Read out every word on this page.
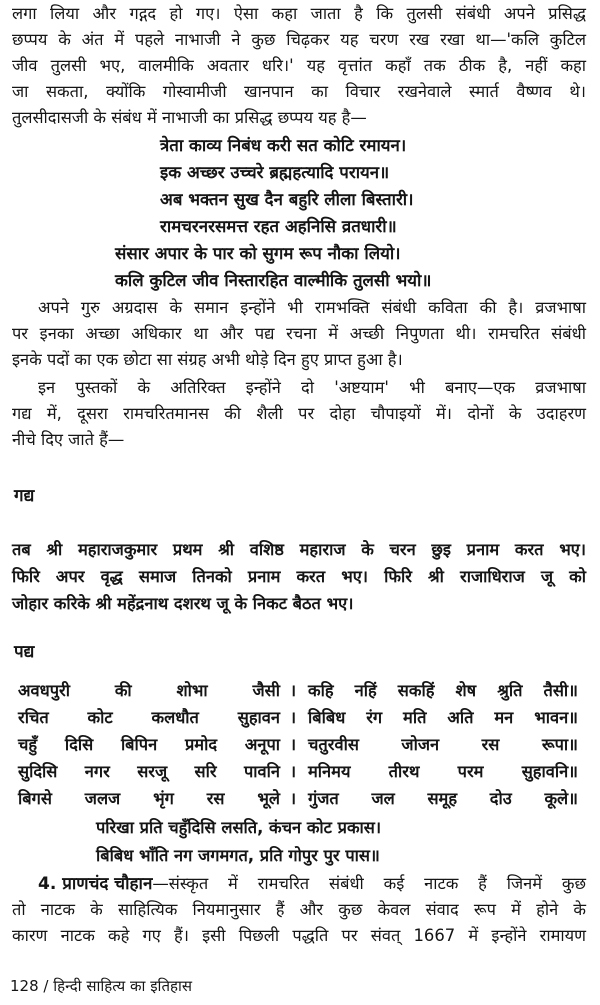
लगा लिया और गद्गद हो गए। ऐसा कहा जाता है कि तुलसी संबंधी अपने प्रसिद्ध
छप्पय के अंत में पहले नाभाजी ने कुछ चिढ़कर यह चरण रख रखा था—'कलि कुटिल
जीव तुलसी भए, वालमीकि अवतार धरि।' यह वृत्तांत कहाँ तक ठीक है, नहीं कहा
जा सकता, क्योंकि गोस्वामीजी खानपान का विचार रखनेवाले स्मार्त वैष्णव थे।
तुलसीदासजी के संबंध में नाभाजी का प्रसिद्ध छप्पय यह है—
त्रेता काव्य निबंध करी सत कोटि रमायन।
इक अच्छर उच्चरे ब्रह्महत्यादि परायन॥
अब भक्तन सुख दैन बहुरि लीला बिस्तारी।
रामचरनरसमत्त रहत अहनिसि व्रतधारी॥
संसार अपार के पार को सुगम रूप नौका लियो।
कलि कुटिल जीव निस्तारहित वाल्मीकि तुलसी भयो॥
अपने गुरु अग्रदास के समान इन्होंने भी रामभक्ति संबंधी कविता की है। व्रजभाषा
पर इनका अच्छा अधिकार था और पद्य रचना में अच्छी निपुणता थी। रामचरित संबंधी
इनके पदों का एक छोटा सा संग्रह अभी थोड़े दिन हुए प्राप्त हुआ है।
इन पुस्तकों के अतिरिक्त इन्होंने दो 'अष्टयाम' भी बनाए—एक व्रजभाषा
गद्य में, दूसरा रामचरितमानस की शैली पर दोहा चौपाइयों में। दोनों के उदाहरण
नीचे दिए जाते हैं—
गद्य
तब श्री महाराजकुमार प्रथम श्री वशिष्ठ महाराज के चरन छुइ प्रनाम करत भए।
फिरि अपर वृद्ध समाज तिनको प्रनाम करत भए। फिरि श्री राजाधिराज जू को
जोहार करिके श्री महेंद्रनाथ दशरथ जू के निकट बैठत भए।
पद्य
अवधपुरी की शोभा जैसी । कहि नहिं सकहिं शेष श्रुति तैसी॥
रचित कोट कलधौत सुहावन । बिबिध रंग मति अति मन भावन॥
चहुँ दिसि बिपिन प्रमोद अनूपा । चतुरवीस जोजन रस रूपा॥
सुदिसि नगर सरजू सरि पावनि । मनिमय तीरथ परम सुहावनि॥
बिगसे जलज भृंग रस भूले । गुंजत जल समूह दोउ कूले॥
परिखा प्रति चहुँदिसि लसति, कंचन कोट प्रकास।
बिबिध भाँति नग जगमगत, प्रति गोपुर पुर पास॥
4. प्राणचंद चौहान —संस्कृत में रामचरित संबंधी कई नाटक हैं जिनमें कुछ
तो नाटक के साहित्यिक नियमानुसार हैं और कुछ केवल संवाद रूप में होने के
कारण नाटक कहे गए हैं। इसी पिछली पद्धति पर संवत् 1667 में इन्होंने रामायण
128 / हिन्दी साहित्य का इतिहास
